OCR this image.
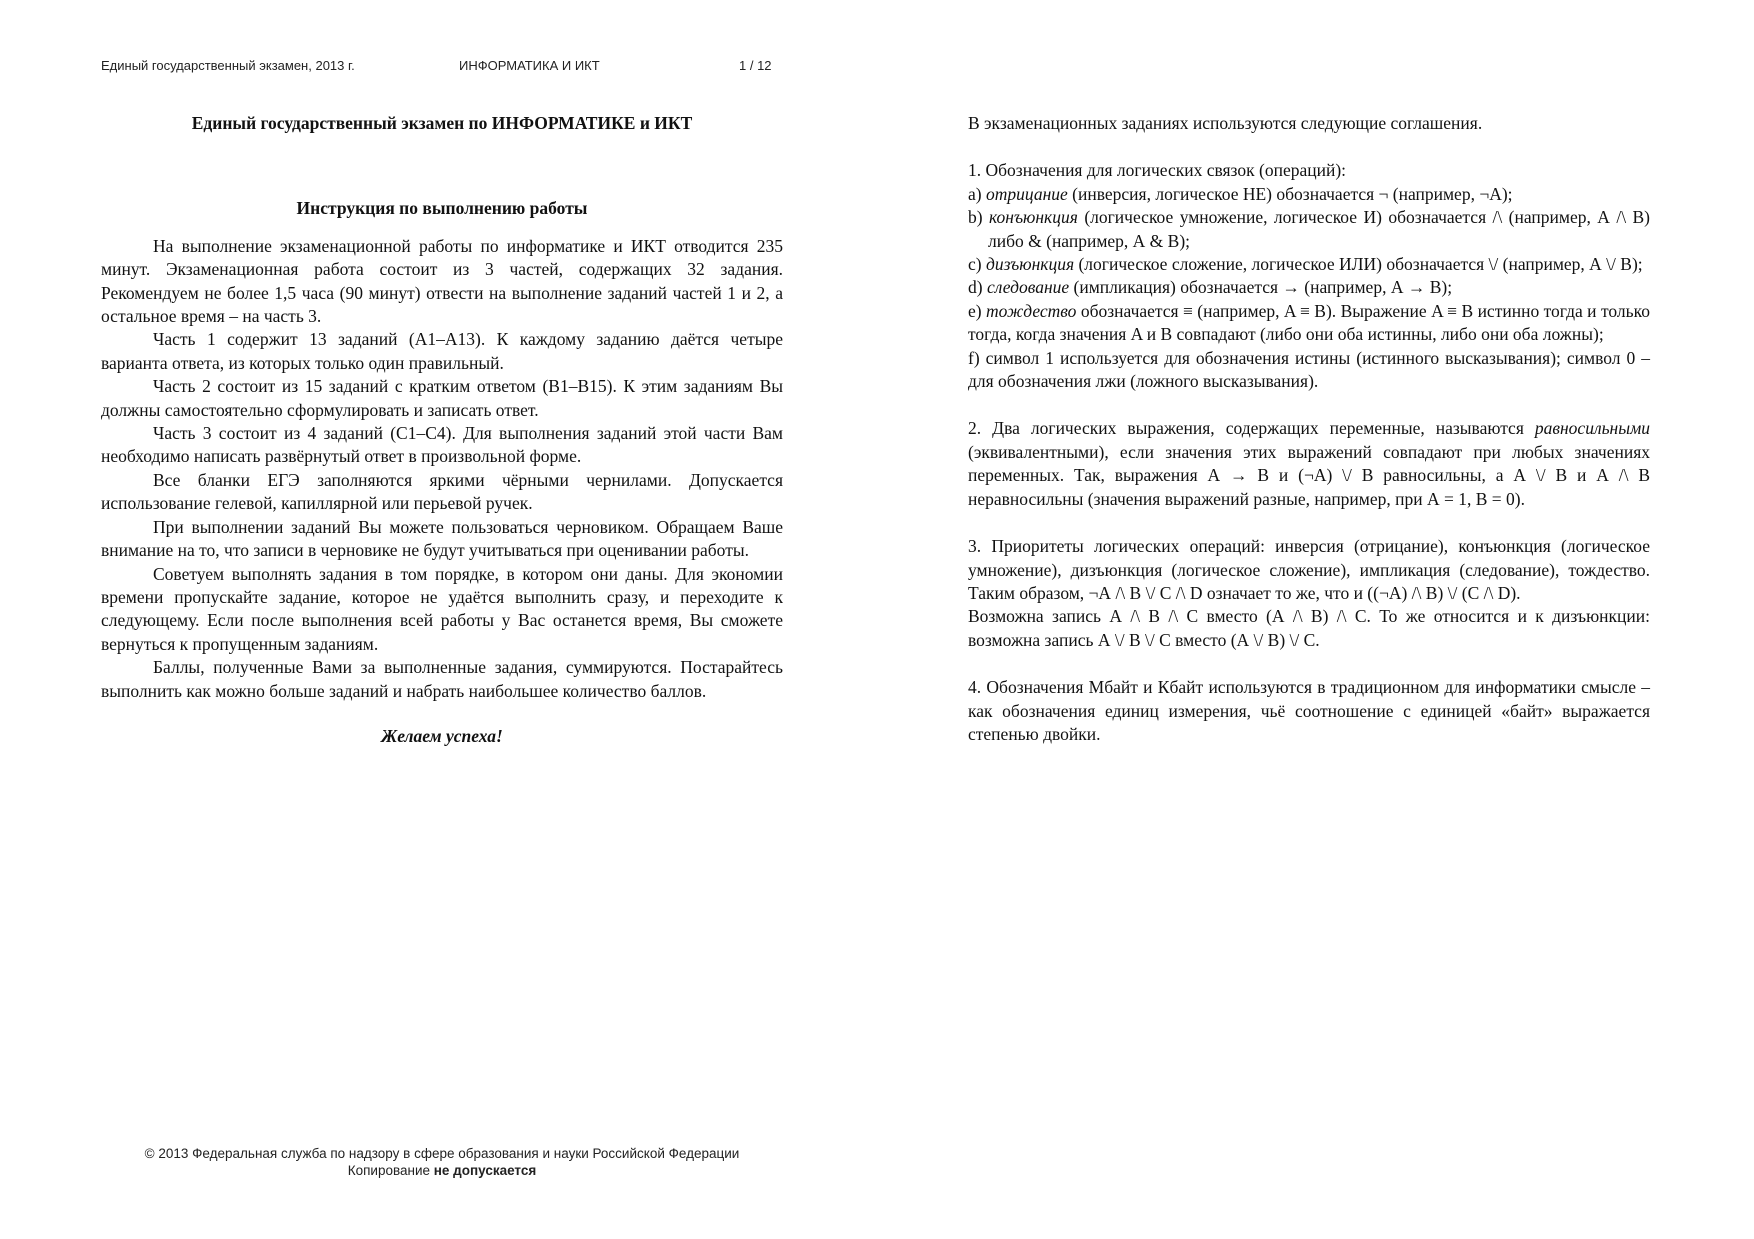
Единый государственный экзамен, 2013 г.	ИНФОРМАТИКА И ИКТ	1 / 12

Единый государственный экзамен по ИНФОРМАТИКЕ и ИКТ

Инструкция по выполнению работы

На выполнение экзаменационной работы по информатике и ИКТ отводится 235 минут. Экзаменационная работа состоит из 3 частей, содержащих 32 задания. Рекомендуем не более 1,5 часа (90 минут) отвести на выполнение заданий частей 1 и 2, а остальное время – на часть 3.

Часть 1 содержит 13 заданий (A1–A13). К каждому заданию даётся четыре варианта ответа, из которых только один правильный.

Часть 2 состоит из 15 заданий с кратким ответом (B1–B15). К этим заданиям Вы должны самостоятельно сформулировать и записать ответ.

Часть 3 состоит из 4 заданий (C1–C4). Для выполнения заданий этой части Вам необходимо написать развёрнутый ответ в произвольной форме.

Все бланки ЕГЭ заполняются яркими чёрными чернилами. Допускается использование гелевой, капиллярной или перьевой ручек.

При выполнении заданий Вы можете пользоваться черновиком. Обращаем Ваше внимание на то, что записи в черновике не будут учитываться при оценивании работы.

Советуем выполнять задания в том порядке, в котором они даны. Для экономии времени пропускайте задание, которое не удаётся выполнить сразу, и переходите к следующему. Если после выполнения всей работы у Вас останется время, Вы сможете вернуться к пропущенным заданиям.

Баллы, полученные Вами за выполненные задания, суммируются. Постарайтесь выполнить как можно больше заданий и набрать наибольшее количество баллов.

Желаем успеха!

В экзаменационных заданиях используются следующие соглашения.

1. Обозначения для логических связок (операций):

a) отрицание (инверсия, логическое НЕ) обозначается ¬ (например, ¬А);

b) конъюнкция (логическое умножение, логическое И) обозначается /\ (например, А /\ В) либо & (например, А & В);

c) дизъюнкция (логическое сложение, логическое ИЛИ) обозначается \/ (например, А \/ В);

d) следование (импликация) обозначается → (например, А → В);

e) тождество обозначается ≡ (например, A ≡ B). Выражение A ≡ B истинно тогда и только тогда, когда значения A и B совпадают (либо они оба истинны, либо они оба ложны);

f) символ 1 используется для обозначения истины (истинного высказывания); символ 0 – для обозначения лжи (ложного высказывания).

2. Два логических выражения, содержащих переменные, называются равносильными (эквивалентными), если значения этих выражений совпадают при любых значениях переменных. Так, выражения А → В и (¬А) \/ В равносильны, а А \/ В и А /\ В неравносильны (значения выражений разные, например, при А = 1, В = 0).

3. Приоритеты логических операций: инверсия (отрицание), конъюнкция (логическое умножение), дизъюнкция (логическое сложение), импликация (следование), тождество. Таким образом, ¬А /\ В \/ С /\ D означает то же, что и ((¬А) /\ В) \/ (С /\ D).

Возможна запись А /\ В /\ С вместо (А /\ В) /\ С. То же относится и к дизъюнкции: возможна запись А \/ В \/ С вместо (А \/ В) \/ С.

4. Обозначения Мбайт и Кбайт используются в традиционном для информатики смысле – как обозначения единиц измерения, чьё соотношение с единицей «байт» выражается степенью двойки.

© 2013 Федеральная служба по надзору в сфере образования и науки Российской Федерации
Копирование не допускается
